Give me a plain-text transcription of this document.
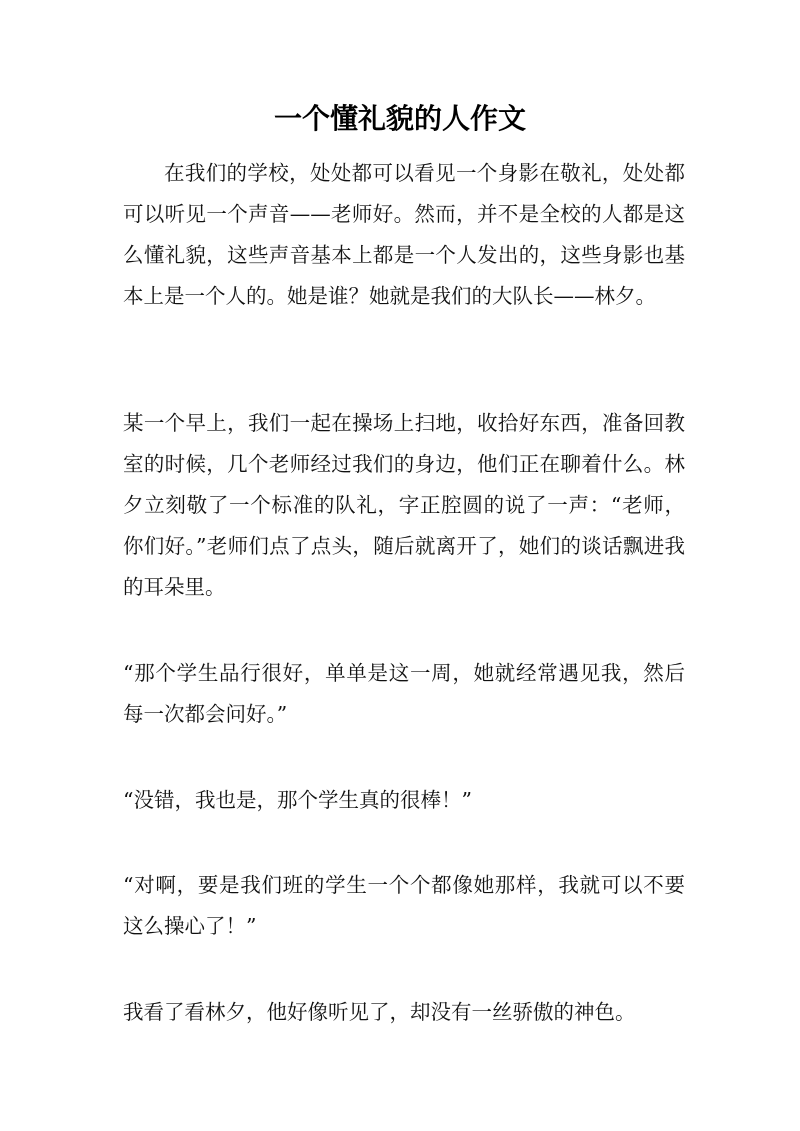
一个懂礼貌的人作文

在我们的学校，处处都可以看见一个身影在敬礼，处处都可以听见一个声音——老师好。然而，并不是全校的人都是这么懂礼貌，这些声音基本上都是一个人发出的，这些身影也基本上是一个人的。她是谁？她就是我们的大队长——林夕。

某一个早上，我们一起在操场上扫地，收拾好东西，准备回教室的时候，几个老师经过我们的身边，他们正在聊着什么。林夕立刻敬了一个标准的队礼，字正腔圆的说了一声：“老师，你们好。”老师们点了点头，随后就离开了，她们的谈话飘进我的耳朵里。

“那个学生品行很好，单单是这一周，她就经常遇见我，然后每一次都会问好。”

“没错，我也是，那个学生真的很棒！”

“对啊，要是我们班的学生一个个都像她那样，我就可以不要这么操心了！”

我看了看林夕，他好像听见了，却没有一丝骄傲的神色。
